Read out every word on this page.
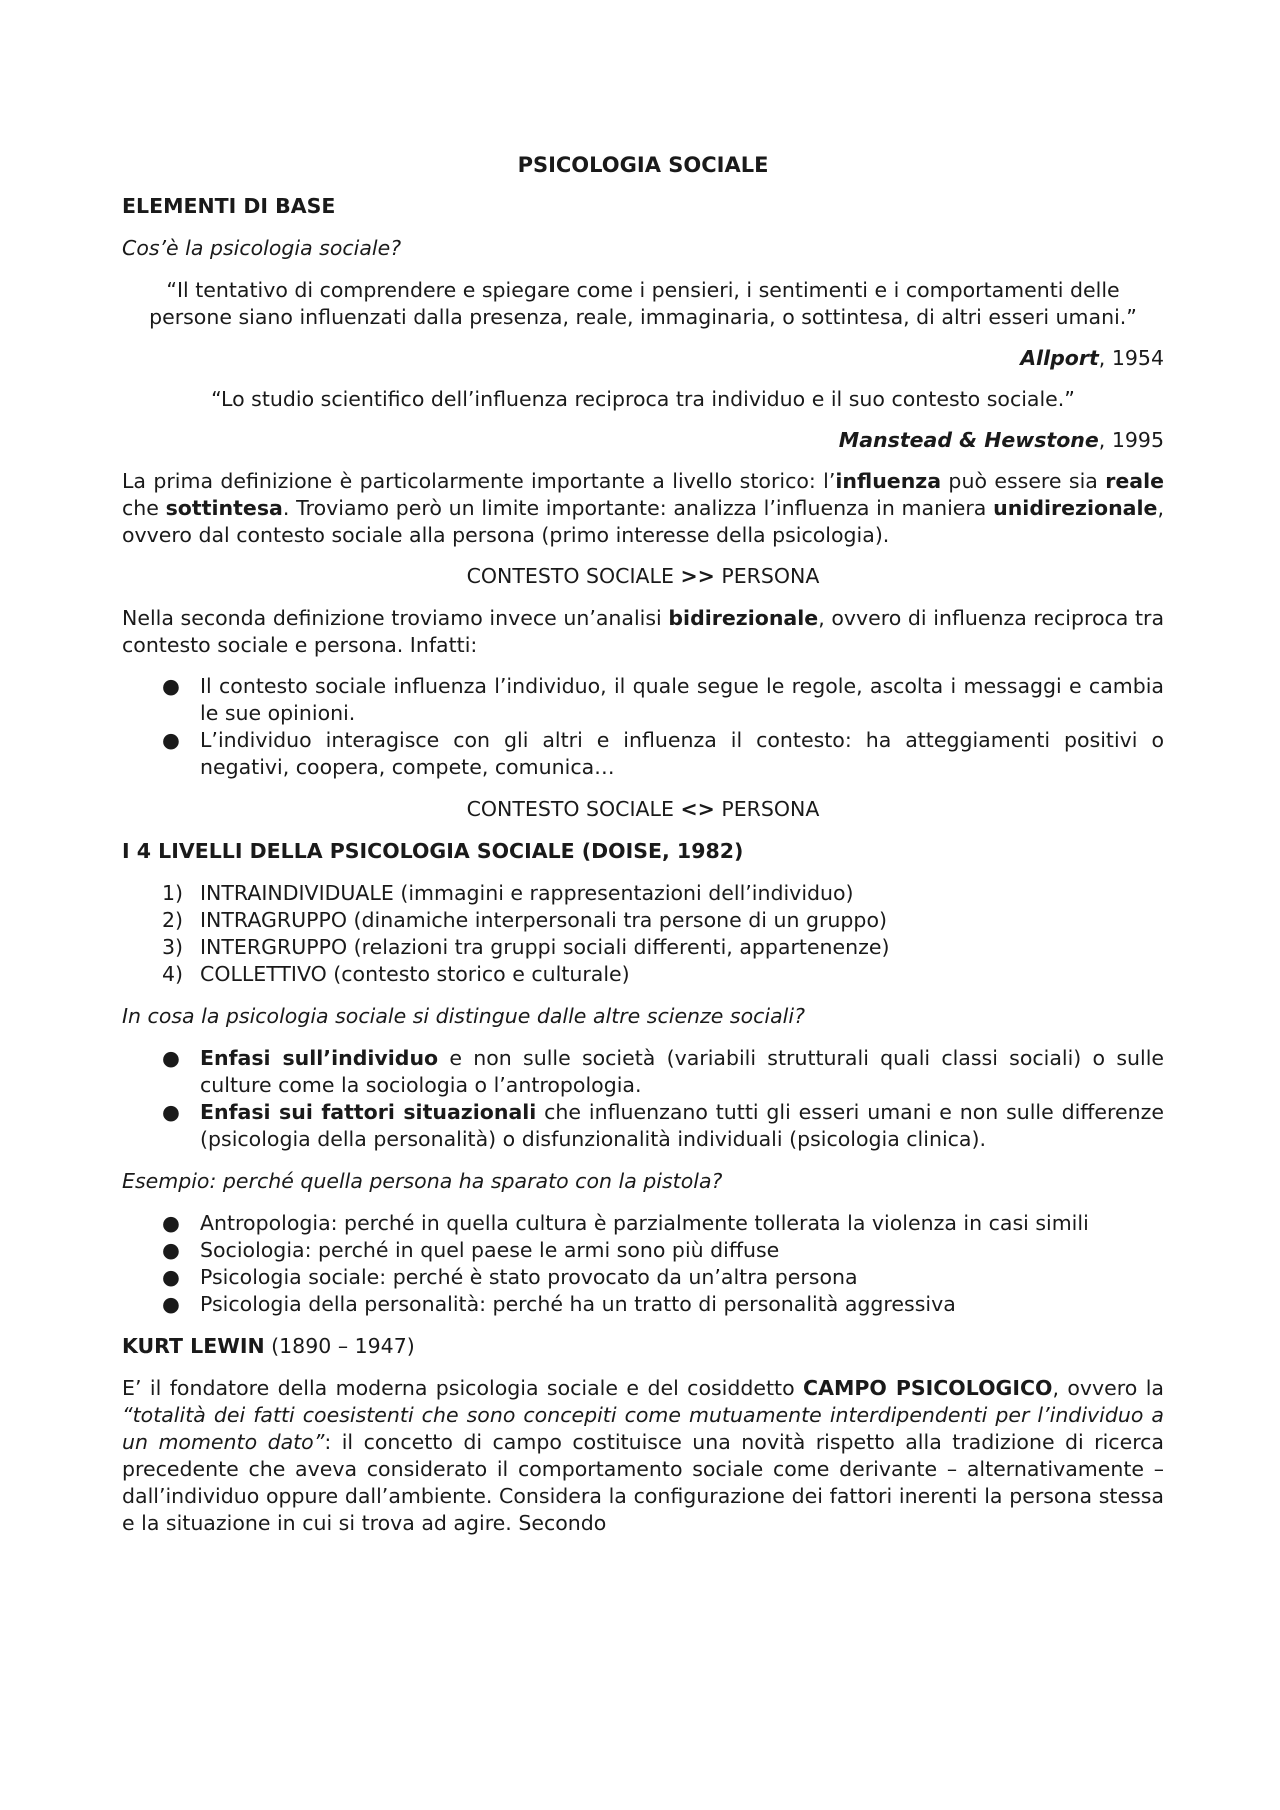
PSICOLOGIA SOCIALE
ELEMENTI DI BASE
Cos’è la psicologia sociale?
“Il tentativo di comprendere e spiegare come i pensieri, i sentimenti e i comportamenti delle persone siano influenzati dalla presenza, reale, immaginaria, o sottintesa, di altri esseri umani.”
Allport, 1954
“Lo studio scientifico dell’influenza reciproca tra individuo e il suo contesto sociale.”
Manstead & Hewstone, 1995
La prima definizione è particolarmente importante a livello storico: l’influenza può essere sia reale che sottintesa. Troviamo però un limite importante: analizza l’influenza in maniera unidirezionale, ovvero dal contesto sociale alla persona (primo interesse della psicologia).
CONTESTO SOCIALE >> PERSONA
Nella seconda definizione troviamo invece un’analisi bidirezionale, ovvero di influenza reciproca tra contesto sociale e persona. Infatti:
● Il contesto sociale influenza l’individuo, il quale segue le regole, ascolta i messaggi e cambia le sue opinioni.
● L’individuo interagisce con gli altri e influenza il contesto: ha atteggiamenti positivi o negativi, coopera, compete, comunica…
CONTESTO SOCIALE <> PERSONA
I 4 LIVELLI DELLA PSICOLOGIA SOCIALE (DOISE, 1982)
1) INTRAINDIVIDUALE (immagini e rappresentazioni dell’individuo)
2) INTRAGRUPPO (dinamiche interpersonali tra persone di un gruppo)
3) INTERGRUPPO (relazioni tra gruppi sociali differenti, appartenenze)
4) COLLETTIVO (contesto storico e culturale)
In cosa la psicologia sociale si distingue dalle altre scienze sociali?
● Enfasi sull’individuo e non sulle società (variabili strutturali quali classi sociali) o sulle culture come la sociologia o l’antropologia.
● Enfasi sui fattori situazionali che influenzano tutti gli esseri umani e non sulle differenze (psicologia della personalità) o disfunzionalità individuali (psicologia clinica).
Esempio: perché quella persona ha sparato con la pistola?
● Antropologia: perché in quella cultura è parzialmente tollerata la violenza in casi simili
● Sociologia: perché in quel paese le armi sono più diffuse
● Psicologia sociale: perché è stato provocato da un’altra persona
● Psicologia della personalità: perché ha un tratto di personalità aggressiva
KURT LEWIN (1890 – 1947)
E’ il fondatore della moderna psicologia sociale e del cosiddetto CAMPO PSICOLOGICO, ovvero la “totalità dei fatti coesistenti che sono concepiti come mutuamente interdipendenti per l’individuo a un momento dato”: il concetto di campo costituisce una novità rispetto alla tradizione di ricerca precedente che aveva considerato il comportamento sociale come derivante – alternativamente – dall’individuo oppure dall’ambiente. Considera la configurazione dei fattori inerenti la persona stessa e la situazione in cui si trova ad agire. Secondo
